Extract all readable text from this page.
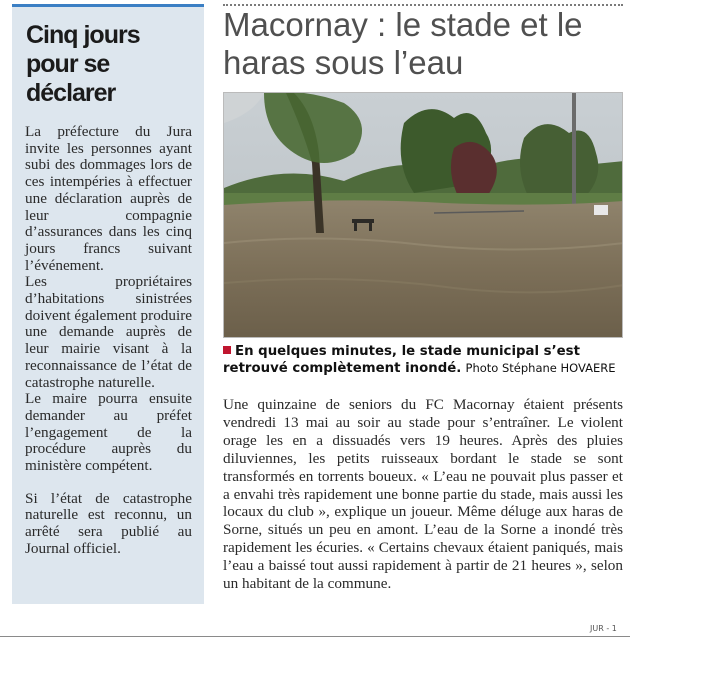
Cinq jours pour se déclarer

La préfecture du Jura invite les personnes ayant subi des dommages lors de ces intempéries à effectuer une déclaration auprès de leur compagnie d’assurances dans les cinq jours francs suivant l’événement.

Les propriétaires d’habitations sinistrées doivent également produire une demande auprès de leur mairie visant à la reconnaissance de l’état de catastrophe naturelle.

Le maire pourra ensuite demander au préfet l’engagement de la procédure auprès du ministère compétent.

Si l’état de catastrophe naturelle est reconnu, un arrêté sera publié au Journal officiel.

Macornay : le stade et le haras sous l’eau
En quelques minutes, le stade municipal s’est retrouvé complètement inondé. Photo Stéphane HOVAERE

Une quinzaine de seniors du FC Macornay étaient présents vendredi 13 mai au soir au stade pour s’entraîner. Le violent orage les en a dissuadés vers 19 heures. Après des pluies diluviennes, les petits ruisseaux bordant le stade se sont transformés en torrents boueux. « L’eau ne pouvait plus passer et a envahi très rapidement une bonne partie du stade, mais aussi les locaux du club », explique un joueur. Même déluge aux haras de Sorne, situés un peu en amont. L’eau de la Sorne a inondé très rapidement les écuries. « Certains chevaux étaient paniqués, mais l’eau a baissé tout aussi rapidement à partir de 21 heures », selon un habitant de la commune.

JUR - 1
